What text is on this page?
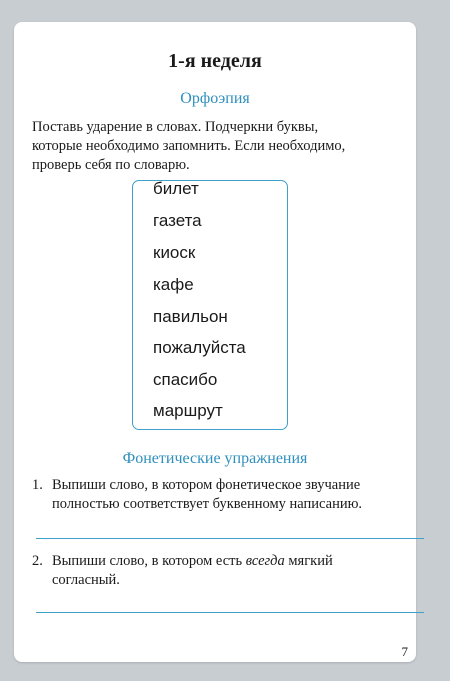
1-я неделя
Орфоэпия
Поставь ударение в словах. Подчеркни буквы,
которые необходимо запомнить. Если необходимо,
проверь себя по словарю.
билет
газета
киоск
кафе
павильон
пожалуйста
спасибо
маршрут
Фонетические упражнения
1. Выпиши слово, в котором фонетическое звучание
полностью соответствует буквенному написанию.
2. Выпиши слово, в котором есть всегда мягкий
согласный.
7
